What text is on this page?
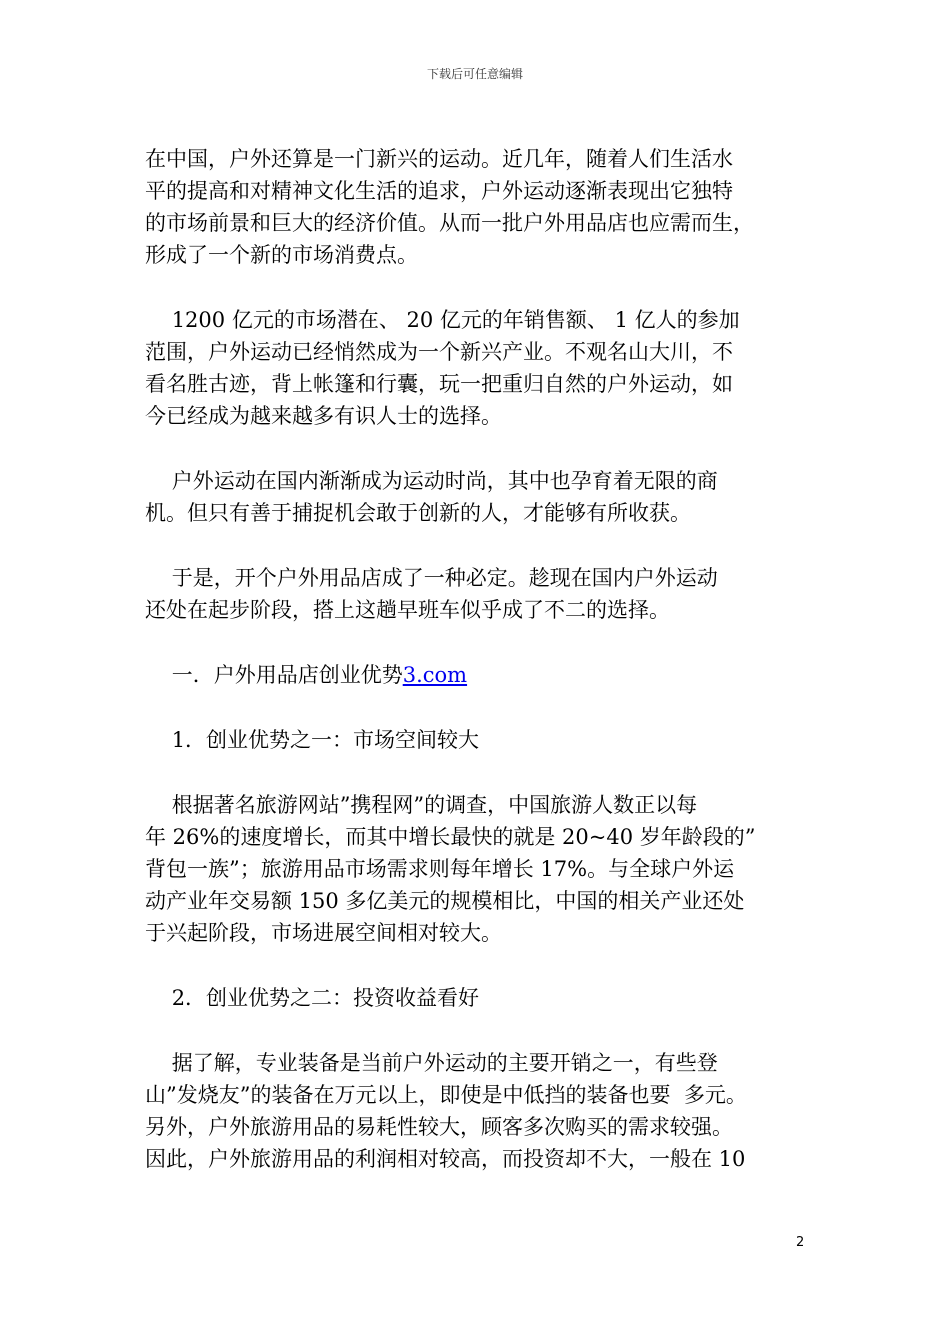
下载后可任意编辑

在中国，户外还算是一门新兴的运动。近几年，随着人们生活水
平的提高和对精神文化生活的追求，户外运动逐渐表现出它独特
的市场前景和巨大的经济价值。从而一批户外用品店也应需而生，
形成了一个新的市场消费点。

1200 亿元的市场潜在、 20 亿元的年销售额、 1 亿人的参加
范围，户外运动已经悄然成为一个新兴产业。不观名山大川，不
看名胜古迹，背上帐篷和行囊，玩一把重归自然的户外运动，如
今已经成为越来越多有识人士的选择。

户外运动在国内渐渐成为运动时尚，其中也孕育着无限的商
机。但只有善于捕捉机会敢于创新的人，才能够有所收获。

于是，开个户外用品店成了一种必定。趁现在国内户外运动
还处在起步阶段，搭上这趟早班车似乎成了不二的选择。

一．户外用品店创业优势3.com

1．创业优势之一：市场空间较大

根据著名旅游网站”携程网”的调查，中国旅游人数正以每
年 26%的速度增长，而其中增长最快的就是 20~40 岁年龄段的”
背包一族”；旅游用品市场需求则每年增长 17%。与全球户外运
动产业年交易额 150 多亿美元的规模相比，中国的相关产业还处
于兴起阶段，市场进展空间相对较大。

2．创业优势之二：投资收益看好

据了解，专业装备是当前户外运动的主要开销之一，有些登
山”发烧友”的装备在万元以上，即使是中低挡的装备也要  多元。
另外，户外旅游用品的易耗性较大，顾客多次购买的需求较强。
因此，户外旅游用品的利润相对较高，而投资却不大，一般在 10

2
